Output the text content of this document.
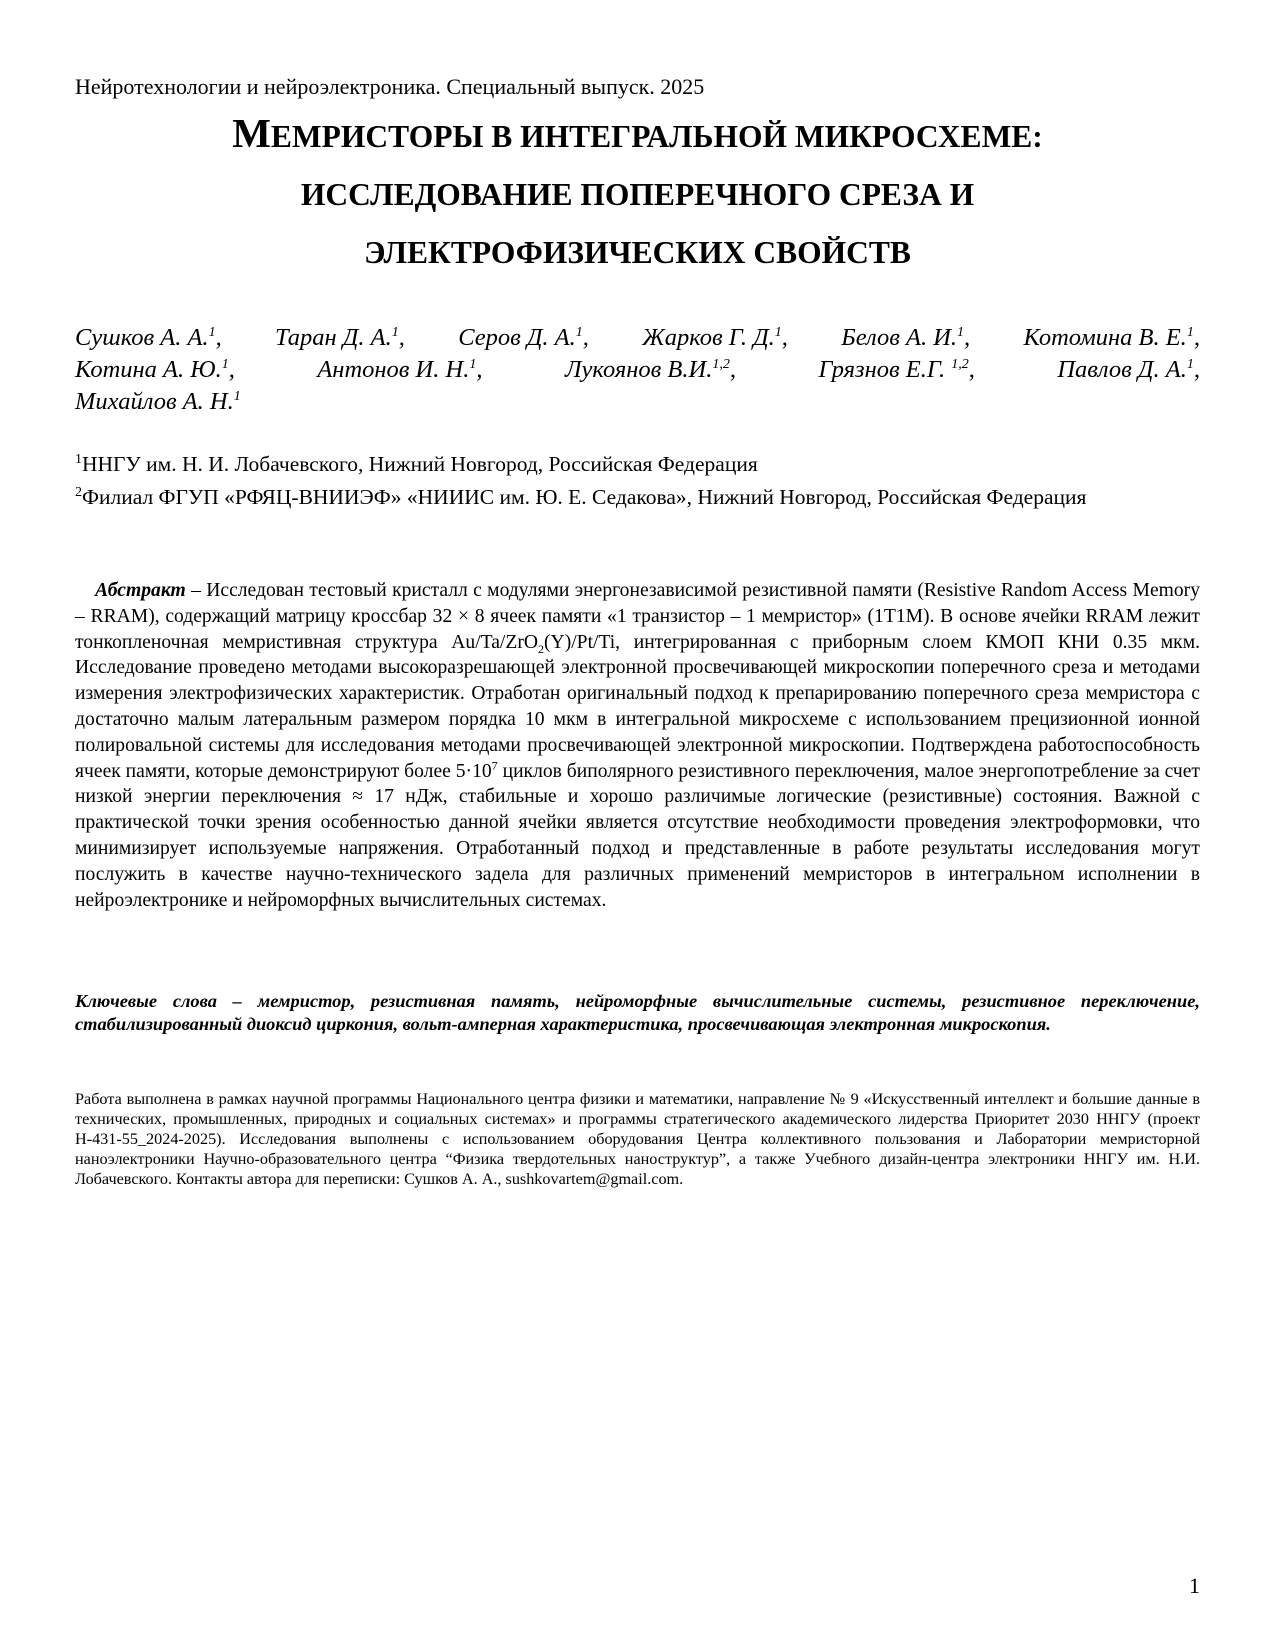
Нейротехнологии и нейроэлектроника. Специальный выпуск. 2025
МЕМРИСТОРЫ В ИНТЕГРАЛЬНОЙ МИКРОСХЕМЕ:
ИССЛЕДОВАНИЕ ПОПЕРЕЧНОГО СРЕЗА И
ЭЛЕКТРОФИЗИЧЕСКИХ СВОЙСТВ
Сушков А. А.$^1$, Таран Д. А.$^1$, Серов Д. А.$^1$, Жарков Г. Д.$^1$, Белов А. И.$^1$, Котомина В. Е.$^1$,
Котина А. Ю.$^1$,	Антонов И. Н.$^1$,	Лукоянов В.И.$^{1,2}$,	Грязнов Е.Г. $^{1,2}$,	Павлов Д. А.$^1$,
Михайлов А. Н.$^1$
$^1$ННГУ им. Н. И. Лобачевского, Нижний Новгород, Российская Федерация
$^2$Филиал ФГУП «РФЯЦ-ВНИИЭФ» «НИИИС им. Ю. Е. Седакова», Нижний Новгород, Российская Федерация

Абстракт – Исследован тестовый кристалл с модулями энергонезависимой резистивной памяти (Resistive Random Access Memory – RRAM), содержащий матрицу кроссбар 32 × 8 ячеек памяти «1 транзистор – 1 мемристор» (1T1M). В основе ячейки RRAM лежит тонкопленочная мемристивная структура Au/Ta/ZrO$_2$(Y)/Pt/Ti, интегрированная с приборным слоем КМОП КНИ 0.35 мкм. Исследование проведено методами высокоразрешающей электронной просвечивающей микроскопии поперечного среза и методами измерения электрофизических характеристик. Отработан оригинальный подход к препарированию поперечного среза мемристора с достаточно малым латеральным размером порядка 10 мкм в интегральной микросхеме с использованием прецизионной ионной полировальной системы для исследования методами просвечивающей электронной микроскопии. Подтверждена работоспособность ячеек памяти, которые демонстрируют более $5\cdot 10^7$ циклов биполярного резистивного переключения, малое энергопотребление за счет низкой энергии переключения ≈ 17 нДж, стабильные и хорошо различимые логические (резистивные) состояния. Важной с практической точки зрения особенностью данной ячейки является отсутствие необходимости проведения электроформовки, что минимизирует используемые напряжения. Отработанный подход и представленные в работе результаты исследования могут послужить в качестве научно-технического задела для различных применений мемристоров в интегральном исполнении в нейроэлектронике и нейроморфных вычислительных системах.

Ключевые слова – мемристор, резистивная память, нейроморфные вычислительные системы, резистивное переключение, стабилизированный диоксид циркония, вольт-амперная характеристика, просвечивающая электронная микроскопия.

Работа выполнена в рамках научной программы Национального центра физики и математики, направление № 9 «Искусственный интеллект и большие данные в технических, промышленных, природных и социальных системах» и программы стратегического академического лидерства Приоритет 2030 ННГУ (проект Н-431-55_2024-2025). Исследования выполнены с использованием оборудования Центра коллективного пользования и Лаборатории мемристорной наноэлектроники Научно-образовательного центра “Физика твердотельных наноструктур”, а также Учебного дизайн-центра электроники ННГУ им. Н.И. Лобачевского. Контакты автора для переписки: Сушков А. А., sushkovartem@gmail.com.

1
